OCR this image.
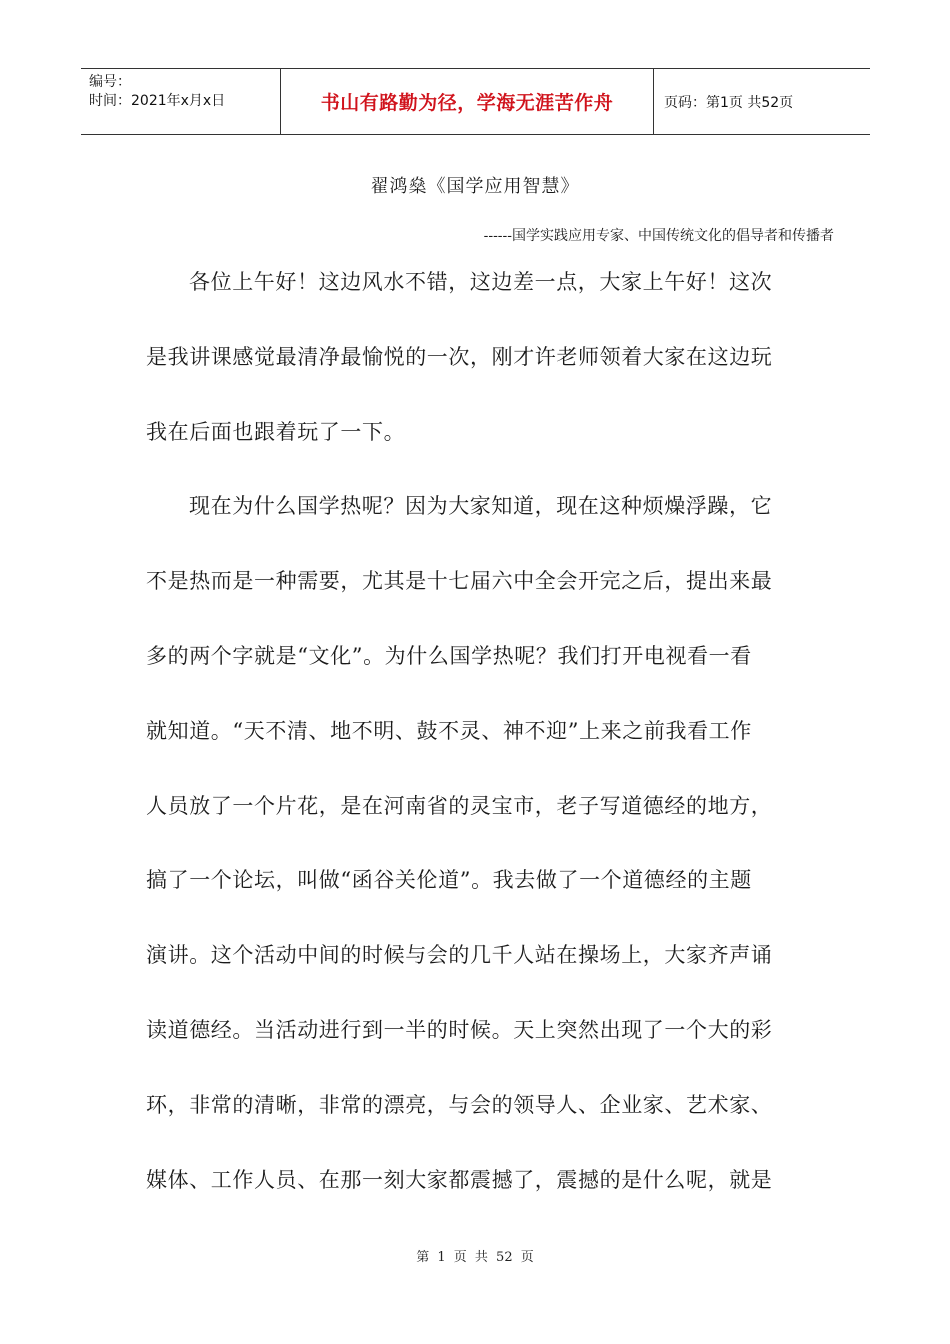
编号：
时间：2021年x月x日	书山有路勤为径，学海无涯苦作舟	页码：第1页 共52页
翟鸿燊《国学应用智慧》
------国学实践应用专家、中国传统文化的倡导者和传播者
各位上午好！这边风水不错，这边差一点，大家上午好！这次
是我讲课感觉最清净最愉悦的一次，刚才许老师领着大家在这边玩
我在后面也跟着玩了一下。
现在为什么国学热呢？因为大家知道，现在这种烦燥浮躁，它
不是热而是一种需要，尤其是十七届六中全会开完之后，提出来最
多的两个字就是“文化”。为什么国学热呢？我们打开电视看一看
就知道。“天不清、地不明、鼓不灵、神不迎”上来之前我看工作
人员放了一个片花，是在河南省的灵宝市，老子写道德经的地方，
搞了一个论坛，叫做“函谷关伦道”。我去做了一个道德经的主题
演讲。这个活动中间的时候与会的几千人站在操场上，大家齐声诵
读道德经。当活动进行到一半的时候。天上突然出现了一个大的彩
环，非常的清晰，非常的漂亮，与会的领导人、企业家、艺术家、
媒体、工作人员、在那一刻大家都震撼了，震撼的是什么呢，就是
第 1 页 共 52 页
